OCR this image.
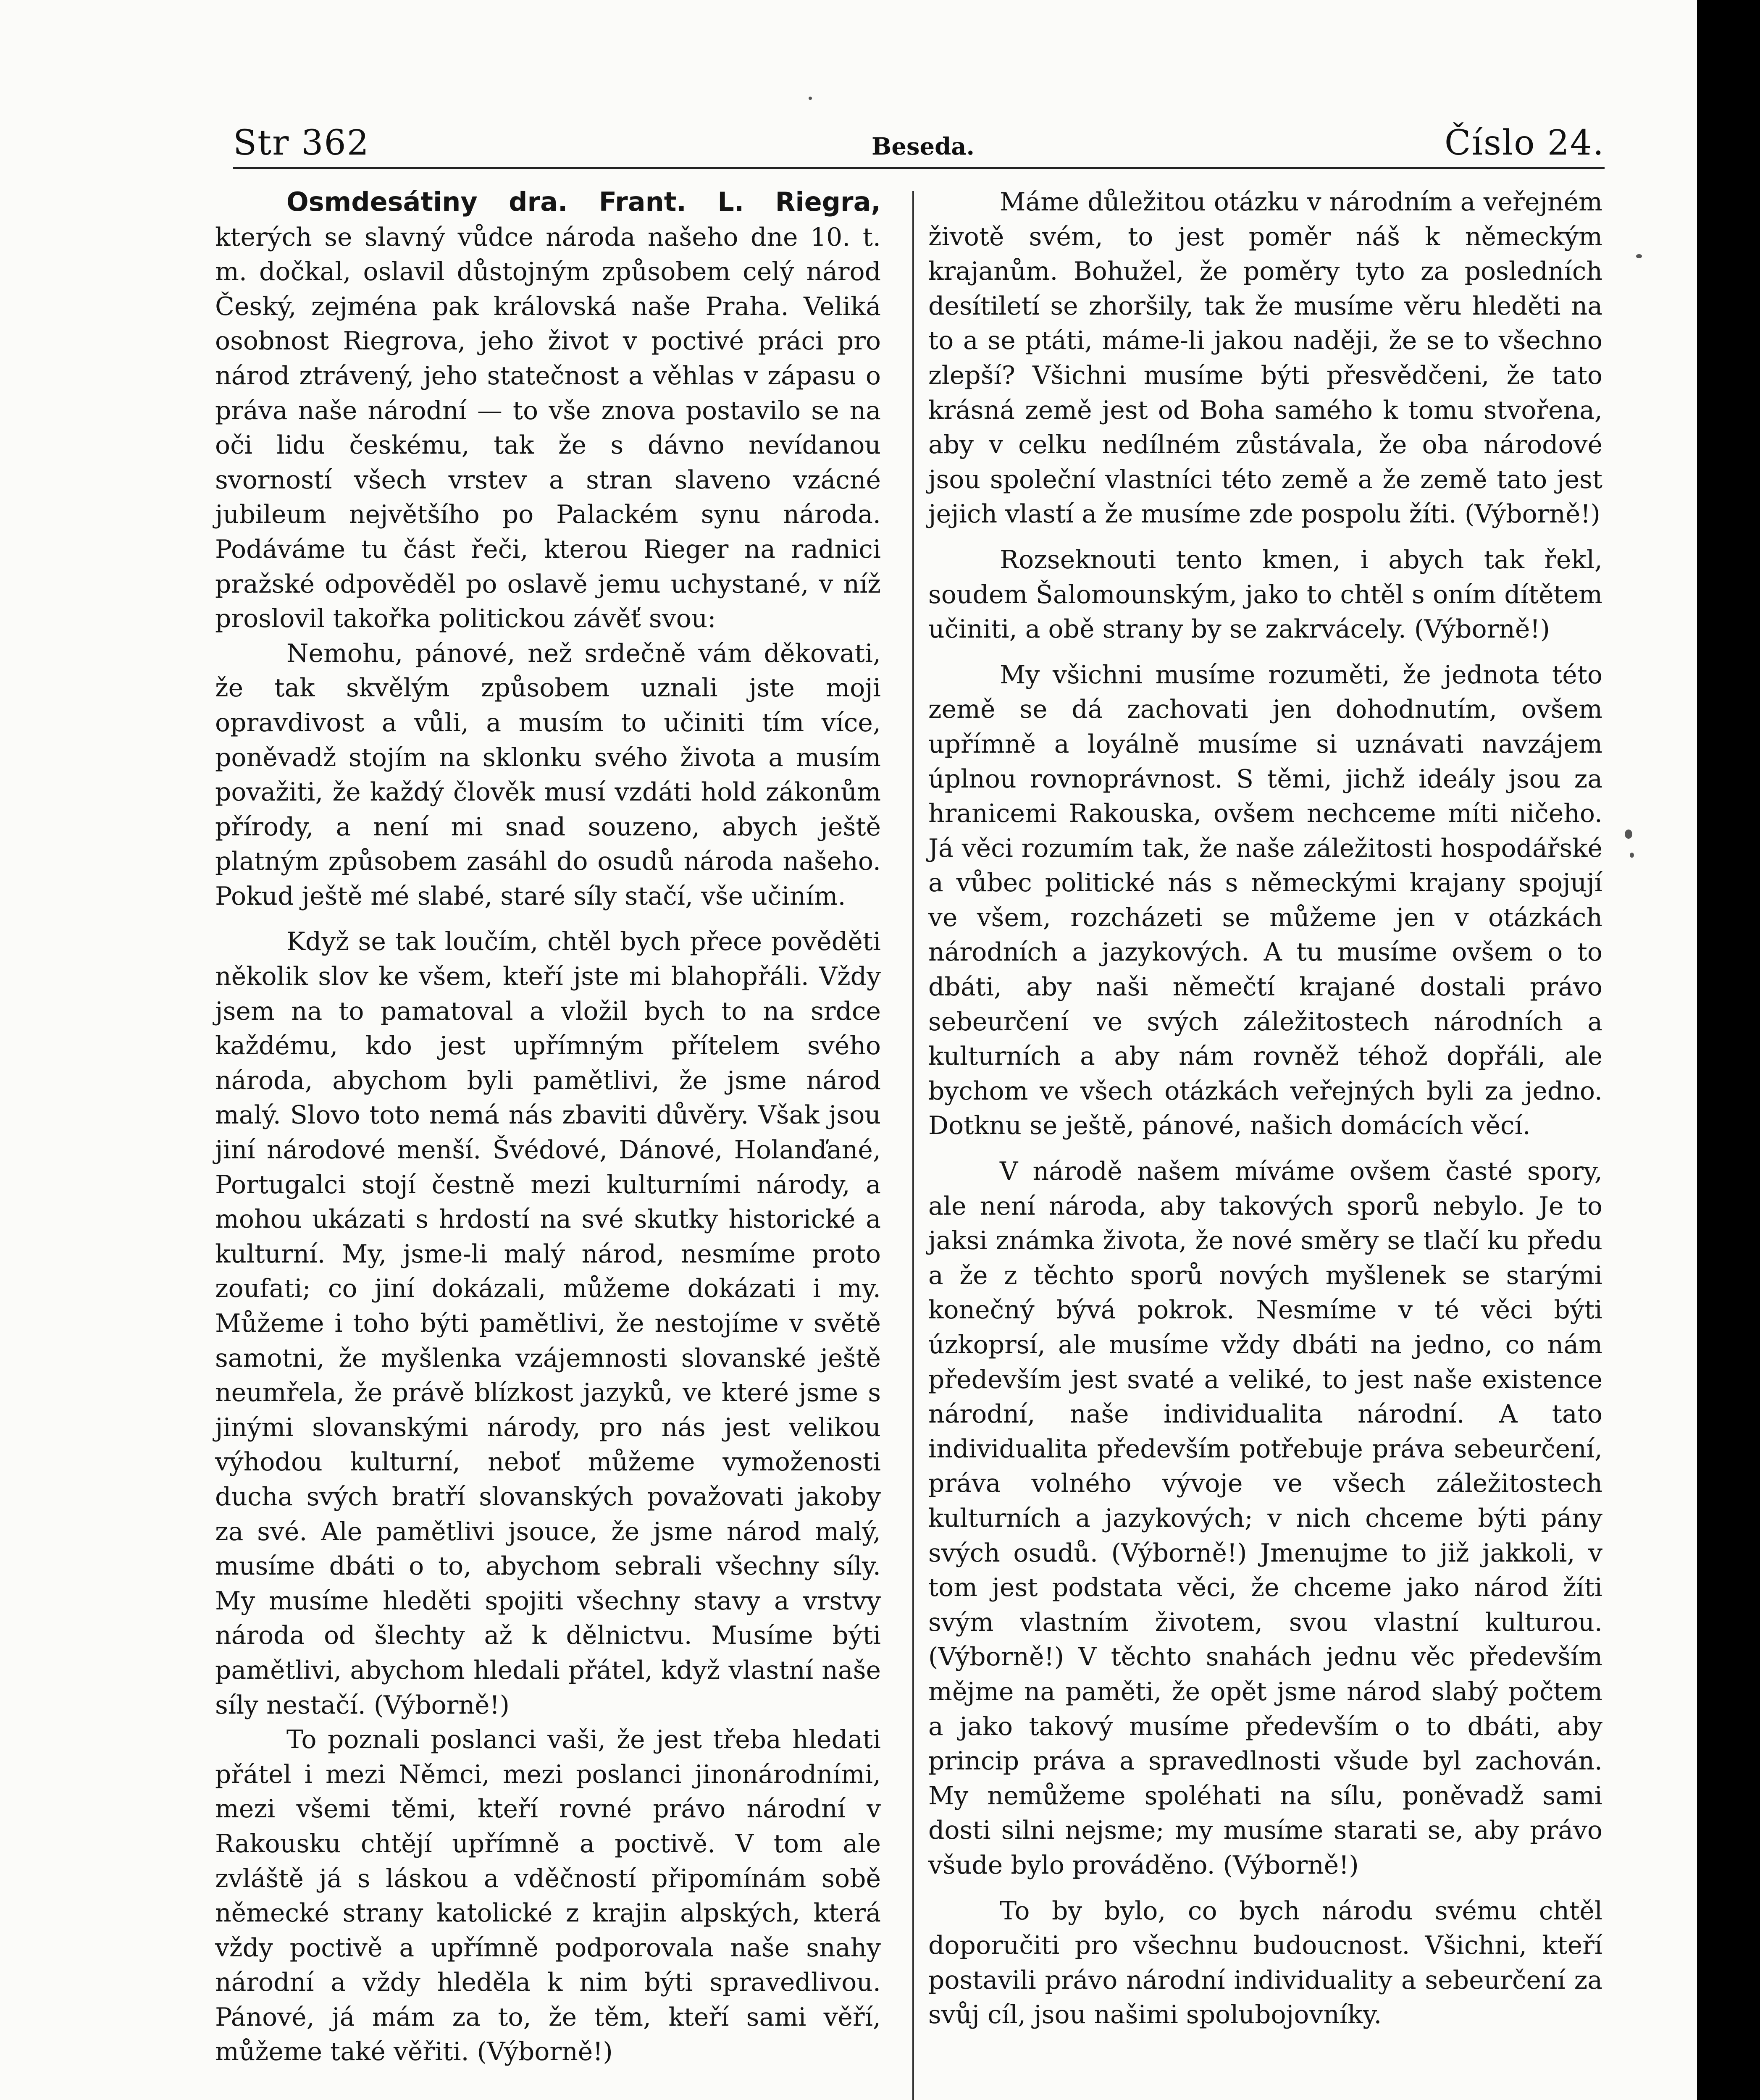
Str 362	Beseda.	Číslo 24.

Osmdesátiny dra. Frant. L. Riegra, kterých se slavný vůdce národa našeho dne 10. t. m. dočkal, oslavil důstojným způsobem celý národ Český, zejména pak královská naše Praha. Veliká osobnost Riegrova, jeho život v poctivé práci pro národ ztrávený, jeho statečnost a věhlas v zápasu o práva naše národní — to vše znova postavilo se na oči lidu českému, tak že s dávno nevídanou svorností všech vrstev a stran slaveno vzácné jubileum největšího po Palackém synu národa. Podáváme tu část řeči, kterou Rieger na radnici pražské odpověděl po oslavě jemu uchystané, v níž proslovil takořka politickou závěť svou:

Nemohu, pánové, než srdečně vám děkovati, že tak skvělým způsobem uznali jste moji opravdivost a vůli, a musím to učiniti tím více, poněvadž stojím na sklonku svého života a musím považiti, že každý člověk musí vzdáti hold zákonům přírody, a není mi snad souzeno, abych ještě platným způsobem zasáhl do osudů národa našeho. Pokud ještě mé slabé, staré síly stačí, vše učiním.

Když se tak loučím, chtěl bych přece pověděti několik slov ke všem, kteří jste mi blahopřáli. Vždy jsem na to pamatoval a vložil bych to na srdce každému, kdo jest upřímným přítelem svého národa, abychom byli pamětlivi, že jsme národ malý. Slovo toto nemá nás zbaviti důvěry. Však jsou jiní národové menší. Švédové, Dánové, Holanďané, Portugalci stojí čestně mezi kulturními národy, a mohou ukázati s hrdostí na své skutky historické a kulturní. My, jsme-li malý národ, nesmíme proto zoufati; co jiní dokázali, můžeme dokázati i my. Můžeme i toho býti pamětlivi, že nestojíme v světě samotni, že myšlenka vzájemnosti slovanské ještě neumřela, že právě blízkost jazyků, ve které jsme s jinými slovanskými národy, pro nás jest velikou výhodou kulturní, neboť můžeme vymoženosti ducha svých bratří slovanských považovati jakoby za své. Ale pamětlivi jsouce, že jsme národ malý, musíme dbáti o to, abychom sebrali všechny síly. My musíme hleděti spojiti všechny stavy a vrstvy národa od šlechty až k dělnictvu. Musíme býti pamětlivi, abychom hledali přátel, když vlastní naše síly nestačí. (Výborně!)

To poznali poslanci vaši, že jest třeba hledati přátel i mezi Němci, mezi poslanci jinonárodními, mezi všemi těmi, kteří rovné právo národní v Rakousku chtějí upřímně a poctivě. V tom ale zvláště já s láskou a vděčností připomínám sobě německé strany katolické z krajin alpských, která vždy poctivě a upřímně podporovala naše snahy národní a vždy hleděla k nim býti spravedlivou. Pánové, já mám za to, že těm, kteří sami věří, můžeme také věřiti. (Výborně!)

Máme důležitou otázku v národním a veřejném životě svém, to jest poměr náš k německým krajanům. Bohužel, že poměry tyto za posledních desítiletí se zhoršily, tak že musíme věru hleděti na to a se ptáti, máme-li jakou naději, že se to všechno zlepší? Všichni musíme býti přesvědčeni, že tato krásná země jest od Boha samého k tomu stvořena, aby v celku nedílném zůstávala, že oba národové jsou společní vlastníci této země a že země tato jest jejich vlastí a že musíme zde pospolu žíti. (Výborně!)

Rozseknouti tento kmen, i abych tak řekl, soudem Šalomounským, jako to chtěl s oním dítětem učiniti, a obě strany by se zakrvácely. (Výborně!)

My všichni musíme rozuměti, že jednota této země se dá zachovati jen dohodnutím, ovšem upřímně a loyálně musíme si uznávati navzájem úplnou rovnoprávnost. S těmi, jichž ideály jsou za hranicemi Rakouska, ovšem nechceme míti ničeho. Já věci rozumím tak, že naše záležitosti hospodářské a vůbec politické nás s německými krajany spojují ve všem, rozcházeti se můžeme jen v otázkách národních a jazykových. A tu musíme ovšem o to dbáti, aby naši němečtí krajané dostali právo sebeurčení ve svých záležitostech národních a kulturních a aby nám rovněž téhož dopřáli, ale bychom ve všech otázkách veřejných byli za jedno. Dotknu se ještě, pánové, našich domácích věcí.

V národě našem míváme ovšem časté spory, ale není národa, aby takových sporů nebylo. Je to jaksi známka života, že nové směry se tlačí ku předu a že z těchto sporů nových myšlenek se starými konečný bývá pokrok. Nesmíme v té věci býti úzkoprsí, ale musíme vždy dbáti na jedno, co nám především jest svaté a veliké, to jest naše existence národní, naše individualita národní. A tato individualita především potřebuje práva sebeurčení, práva volného vývoje ve všech záležitostech kulturních a jazykových; v nich chceme býti pány svých osudů. (Výborně!) Jmenujme to již jakkoli, v tom jest podstata věci, že chceme jako národ žíti svým vlastním životem, svou vlastní kulturou. (Výborně!) V těchto snahách jednu věc především mějme na paměti, že opět jsme národ slabý počtem a jako takový musíme především o to dbáti, aby princip práva a spravedlnosti všude byl zachován. My nemůžeme spoléhati na sílu, poněvadž sami dosti silni nejsme; my musíme starati se, aby právo všude bylo prováděno. (Výborně!)

To by bylo, co bych národu svému chtěl doporučiti pro všechnu budoucnost. Všichni, kteří postavili právo národní individuality a sebeurčení za svůj cíl, jsou našimi spolubojovníky.
